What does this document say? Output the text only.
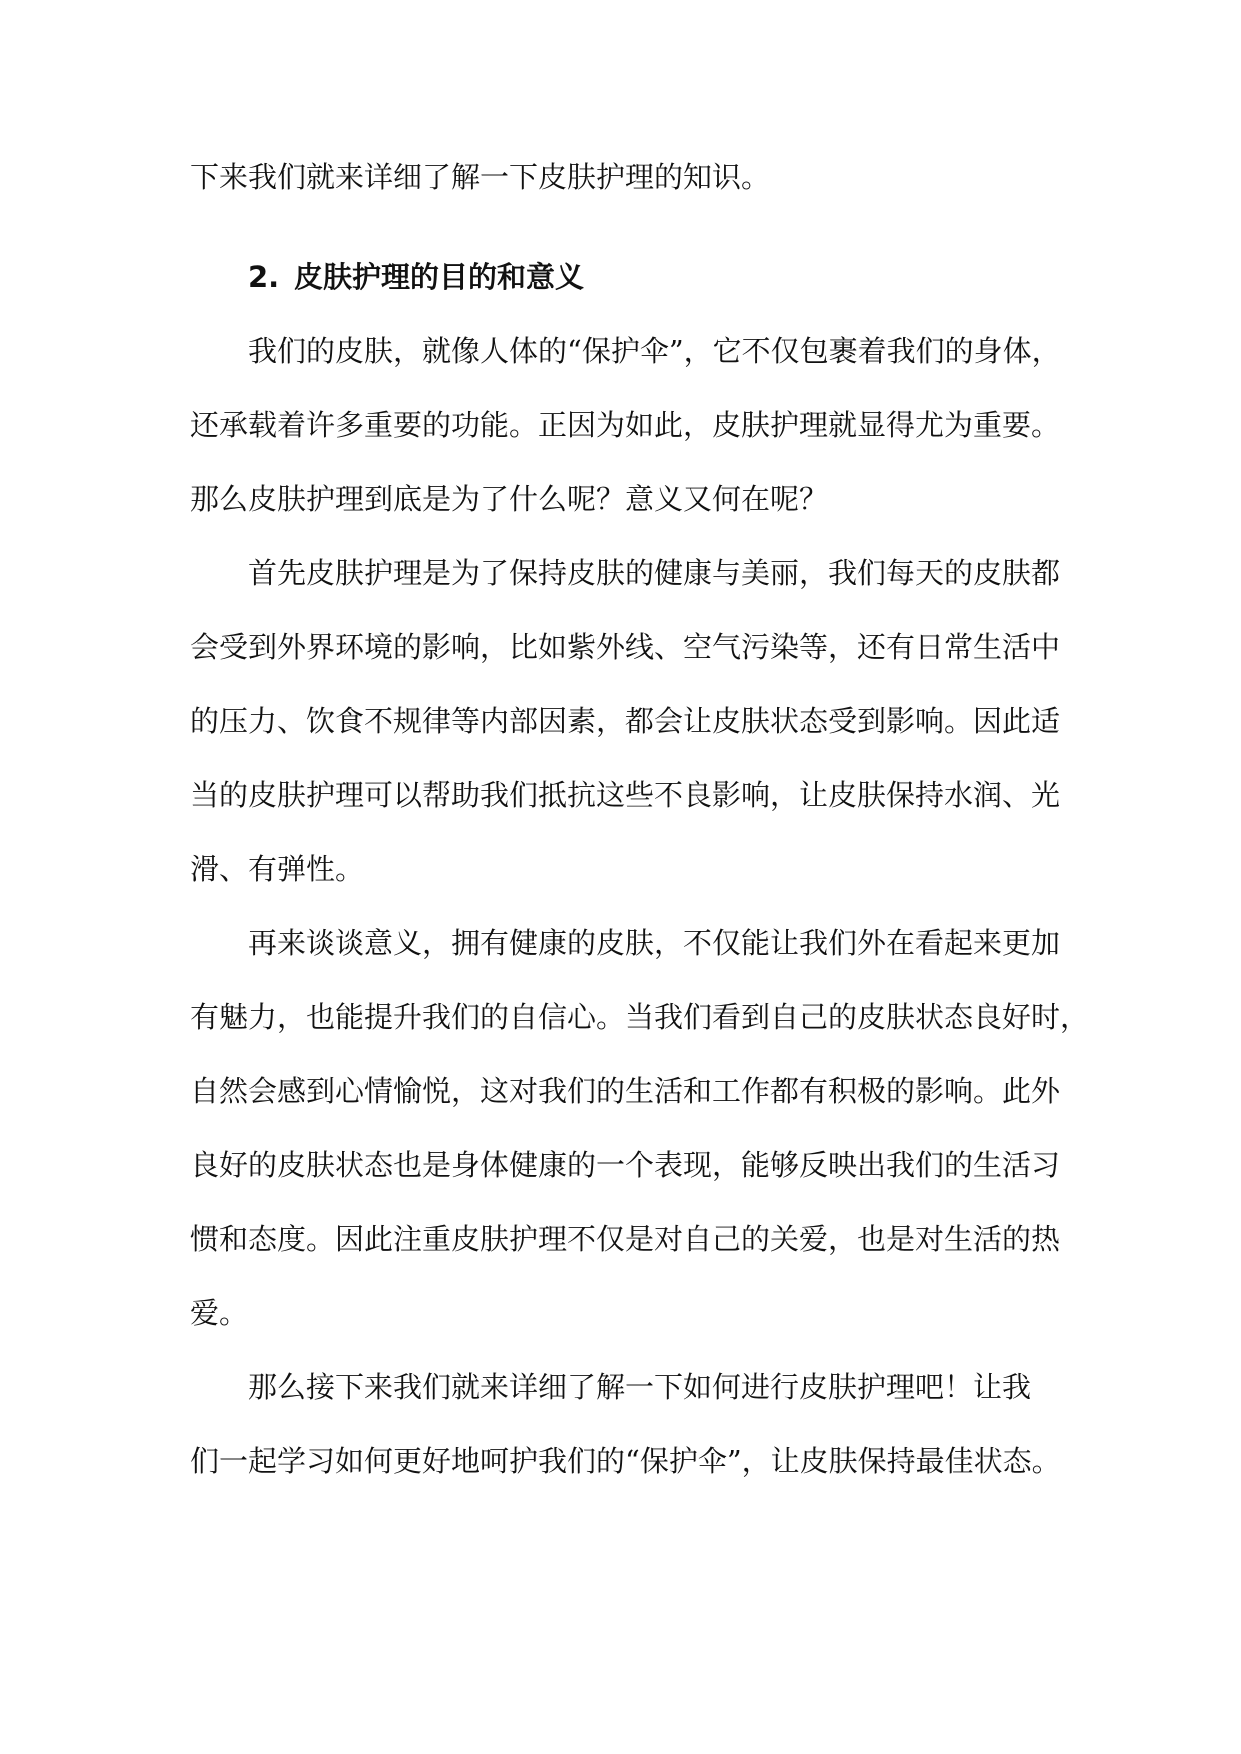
下来我们就来详细了解一下皮肤护理的知识。
2. 皮肤护理的目的和意义
我们的皮肤，就像人体的“保护伞”，它不仅包裹着我们的身体，
还承载着许多重要的功能。正因为如此，皮肤护理就显得尤为重要。
那么皮肤护理到底是为了什么呢？意义又何在呢？
首先皮肤护理是为了保持皮肤的健康与美丽，我们每天的皮肤都
会受到外界环境的影响，比如紫外线、空气污染等，还有日常生活中
的压力、饮食不规律等内部因素，都会让皮肤状态受到影响。因此适
当的皮肤护理可以帮助我们抵抗这些不良影响，让皮肤保持水润、光
滑、有弹性。
再来谈谈意义，拥有健康的皮肤，不仅能让我们外在看起来更加
有魅力，也能提升我们的自信心。当我们看到自己的皮肤状态良好时，
自然会感到心情愉悦，这对我们的生活和工作都有积极的影响。此外
良好的皮肤状态也是身体健康的一个表现，能够反映出我们的生活习
惯和态度。因此注重皮肤护理不仅是对自己的关爱，也是对生活的热
爱。
那么接下来我们就来详细了解一下如何进行皮肤护理吧！让我
们一起学习如何更好地呵护我们的“保护伞”，让皮肤保持最佳状态。
